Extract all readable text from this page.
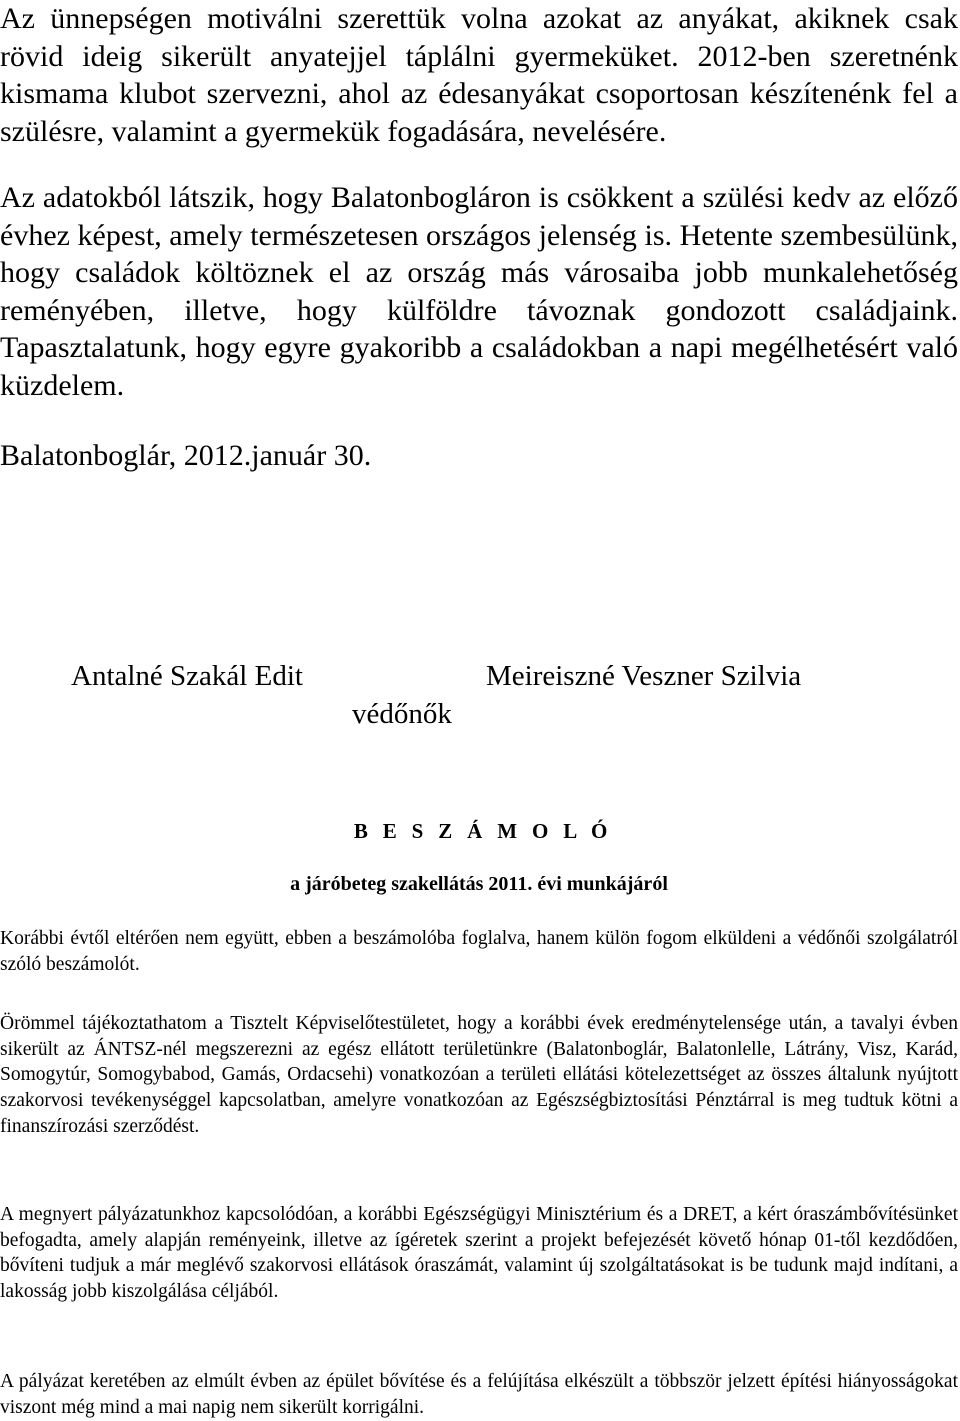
Az ünnepségen motiválni szerettük volna azokat az anyákat, akiknek csak rövid ideig sikerült anyatejjel táplálni gyermeküket. 2012-ben szeretnénk kismama klubot szervezni, ahol az édesanyákat csoportosan készítenénk fel a szülésre, valamint a gyermekük fogadására, nevelésére.

Az adatokból látszik, hogy Balatonbogláron is csökkent a szülési kedv az előző évhez képest, amely természetesen országos jelenség is. Hetente szembesülünk, hogy családok költöznek el az ország más városaiba jobb munkalehetőség reményében, illetve, hogy külföldre távoznak gondozott családjaink. Tapasztalatunk, hogy egyre gyakoribb a családokban a napi megélhetésért való küzdelem.

Balatonboglár, 2012.január 30.

Antalné Szakál Edit	Meireiszné Veszner Szilvia
védőnők
B E S Z Á M O L Ó
a járóbeteg szakellátás 2011. évi munkájáról

Korábbi évtől eltérően nem együtt, ebben a beszámolóba foglalva, hanem külön fogom elküldeni a védőnői szolgálatról szóló beszámolót.

Örömmel tájékoztathatom a Tisztelt Képviselőtestületet, hogy a korábbi évek eredménytelensége után, a tavalyi évben sikerült az ÁNTSZ-nél megszerezni az egész ellátott területünkre (Balatonboglár, Balatonlelle, Látrány, Visz, Karád, Somogytúr, Somogybabod, Gamás, Ordacsehi) vonatkozóan a területi ellátási kötelezettséget az összes általunk nyújtott szakorvosi tevékenységgel kapcsolatban, amelyre vonatkozóan az Egészségbiztosítási Pénztárral is meg tudtuk kötni a finanszírozási szerződést.

A megnyert pályázatunkhoz kapcsolódóan, a korábbi Egészségügyi Minisztérium és a DRET, a kért óraszámbővítésünket befogadta, amely alapján reményeink, illetve az ígéretek szerint a projekt befejezését követő hónap 01-től kezdődően, bővíteni tudjuk a már meglévő szakorvosi ellátások óraszámát, valamint új szolgáltatásokat is be tudunk majd indítani, a lakosság jobb kiszolgálása céljából.

A pályázat keretében az elmúlt évben az épület bővítése és a felújítása elkészült a többször jelzett építési hiányosságokat viszont még mind a mai napig nem sikerült korrigálni.
